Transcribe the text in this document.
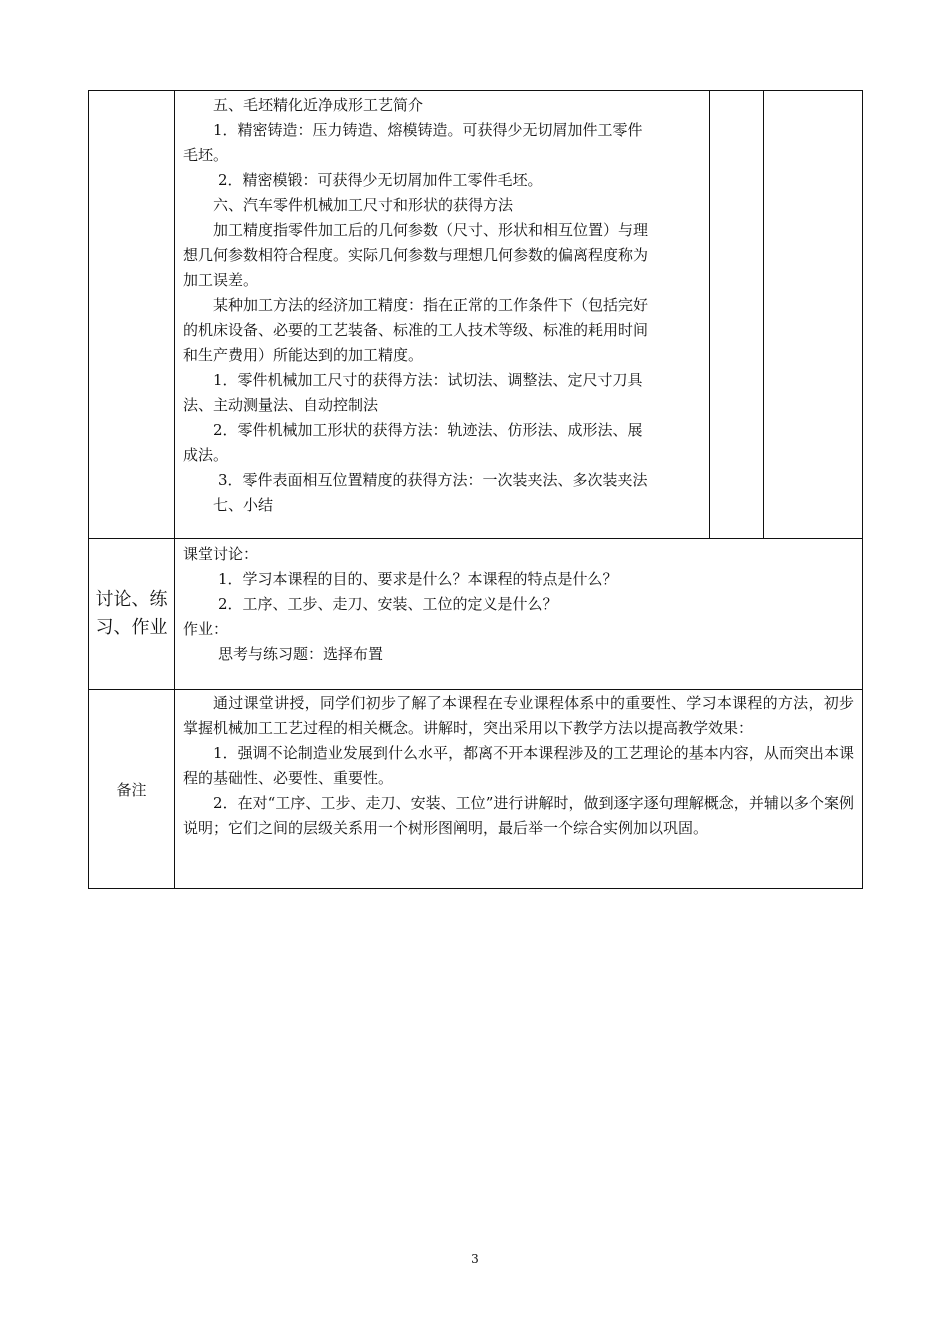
五、毛坯精化近净成形工艺简介

1．精密铸造：压力铸造、熔模铸造。可获得少无切屑加件工零件

毛坯。

2．精密模锻：可获得少无切屑加件工零件毛坯。

六、汽车零件机械加工尺寸和形状的获得方法

加工精度指零件加工后的几何参数（尺寸、形状和相互位置）与理

想几何参数相符合程度。实际几何参数与理想几何参数的偏离程度称为

加工误差。

某种加工方法的经济加工精度：指在正常的工作条件下（包括完好

的机床设备、必要的工艺装备、标准的工人技术等级、标准的耗用时间

和生产费用）所能达到的加工精度。

1．零件机械加工尺寸的获得方法：试切法、调整法、定尺寸刀具

法、主动测量法、自动控制法

2．零件机械加工形状的获得方法：轨迹法、仿形法、成形法、展

成法。

3．零件表面相互位置精度的获得方法：一次装夹法、多次装夹法

七、小结

讨论、练习、作业

课堂讨论：

1．学习本课程的目的、要求是什么？本课程的特点是什么？

2．工序、工步、走刀、安装、工位的定义是什么？

作业：

思考与练习题：选择布置

备注

通过课堂讲授，同学们初步了解了本课程在专业课程体系中的重要性、学习本课程的方法，初步掌握机械加工工艺过程的相关概念。讲解时，突出采用以下教学方法以提高教学效果：

1．强调不论制造业发展到什么水平，都离不开本课程涉及的工艺理论的基本内容，从而突出本课程的基础性、必要性、重要性。

2．在对“工序、工步、走刀、安装、工位”进行讲解时，做到逐字逐句理解概念，并辅以多个案例说明；它们之间的层级关系用一个树形图阐明，最后举一个综合实例加以巩固。

3
